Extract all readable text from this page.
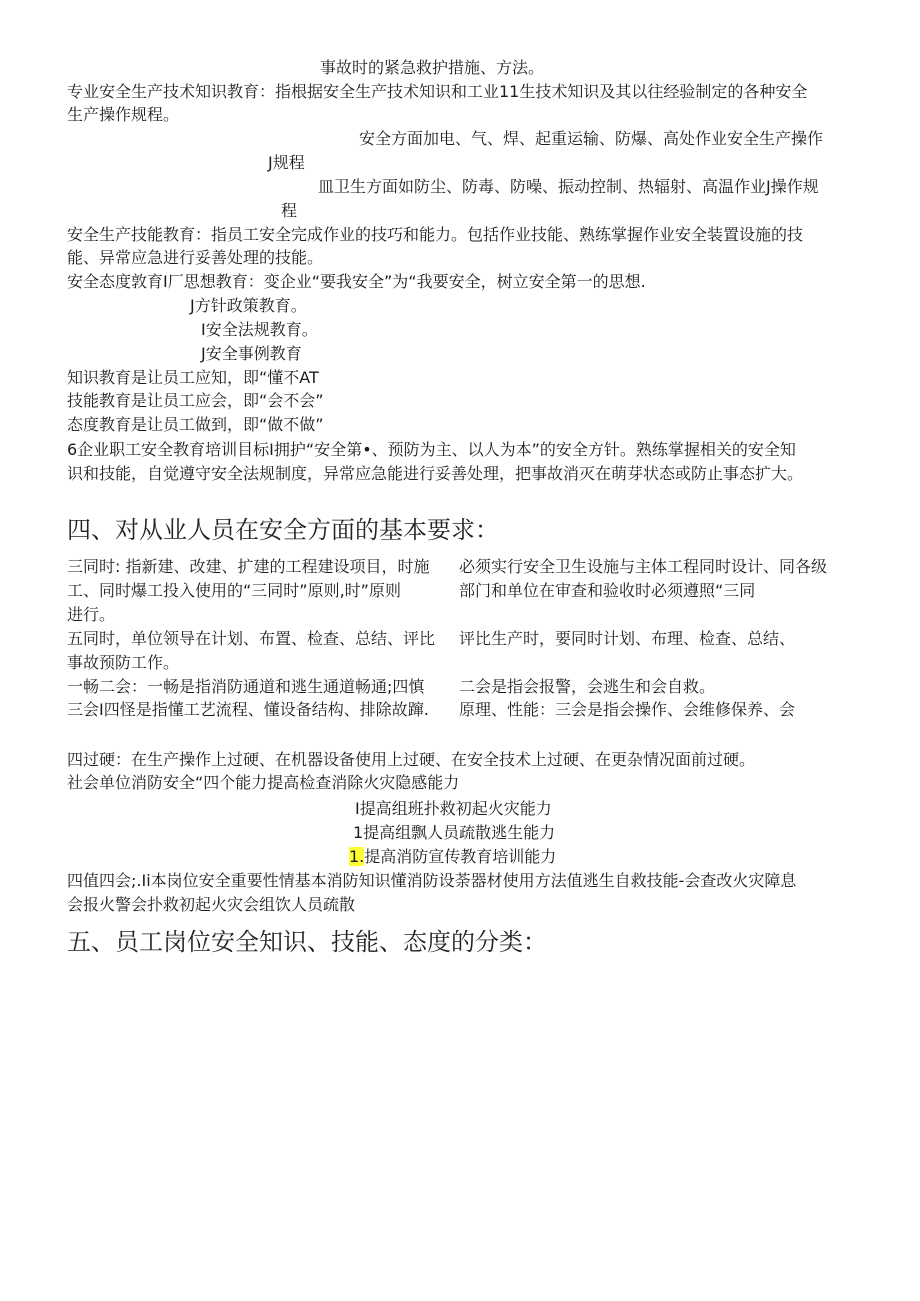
事故时的紧急救护措施、方法。
专业安全生产技术知识教育：指根据安全生产技术知识和工业11生技术知识及其以往经验制定的各种安全
生产操作规程。
安全方面加电、气、焊、起重运输、防爆、高处作业安全生产操作
J规程
皿卫生方面如防尘、防毒、防噪、振动控制、热辐射、高温作业J操作规
程
安全生产技能教育：指员工安全完成作业的技巧和能力。包括作业技能、熟练掌握作业安全装置设施的技
能、异常应急进行妥善处理的技能。
安全态度敦育I厂思想教育：变企业“要我安全”为“我要安全，树立安全第一的思想.
J方针政策教育。
I安全法规教育。
J安全事例教育
知识教育是让员工应知，即“懂不AT
技能教育是让员工应会，即“会不会”
态度教育是让员工做到，即“做不做”
6企业职工安全教育培训目标I拥护“安全第•、预防为主、以人为本”的安全方针。熟练掌握相关的安全知
识和技能，自觉遵守安全法规制度，异常应急能进行妥善处理，把事故消灭在萌芽状态或防止事态扩大。
四、对从业人员在安全方面的基本要求：
三同时: 指新建、改建、扩建的工程建设项目，时施 必须实行安全卫生设施与主体工程同时设计、同各级
工、同时爆工投入使用的“三同时”原则,时”原则	部门和单位在审查和验收时必须遵照“三同
进行。
五同时，单位领导在计划、布置、检查、总结、评比 评比生产时，要同时计划、布理、检查、总结、
事故预防工作。
一畅二会：一畅是指消防通道和逃生通道畅通;四慎 二会是指会报警，会逃生和会自救。
三会I四怪是指懂工艺流程、懂设备结构、排除故蹿. 原理、性能：三会是指会操作、会维修保养、会
四过硬：在生产操作上过硬、在机器设备使用上过硬、在安全技术上过硬、在更杂情况面前过硬。
社会单位消防安全“四个能力提高检查消除火灾隐感能力
I提高组班扑救初起火灾能力
1提高组飘人员疏散逃生能力
1.提高消防宣传教育培训能力
四值四会;.Ii本岗位安全重要性情基本消防知识懂消防设荼器材使用方法值逃生自救技能-会查改火灾障息
会报火警会扑救初起火灾会组饮人员疏散
五、员工岗位安全知识、技能、态度的分类：
